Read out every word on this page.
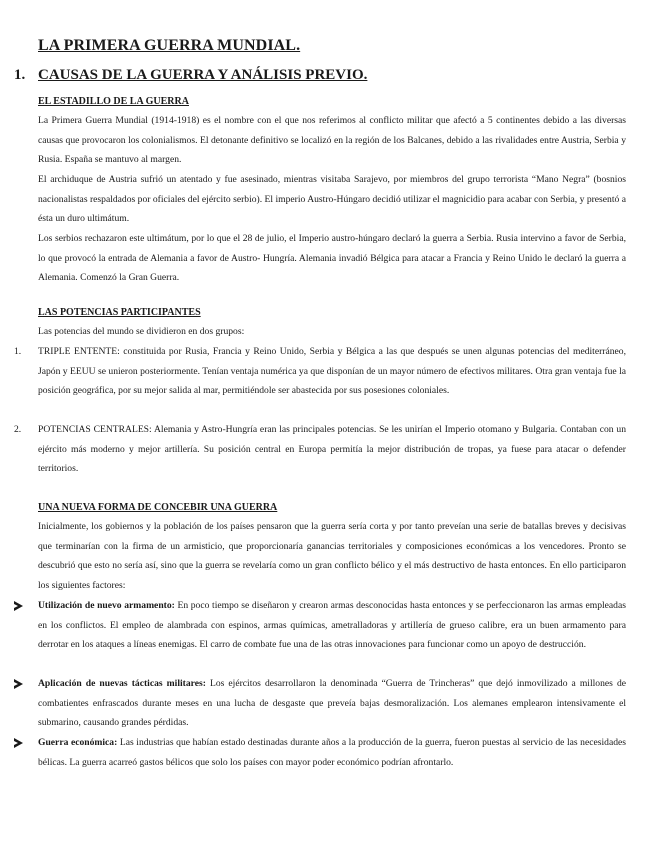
LA PRIMERA GUERRA MUNDIAL.
1. CAUSAS DE LA GUERRA Y ANÁLISIS PREVIO.
EL ESTADILLO DE LA GUERRA

La Primera Guerra Mundial (1914-1918) es el nombre con el que nos referimos al conflicto militar que afectó a 5 continentes debido a las diversas causas que provocaron los colonialismos. El detonante definitivo se localizó en la región de los Balcanes, debido a las rivalidades entre Austria, Serbia y Rusia. España se mantuvo al margen.

El archiduque de Austria sufrió un atentado y fue asesinado, mientras visitaba Sarajevo, por miembros del grupo terrorista “Mano Negra” (bosnios nacionalistas respaldados por oficiales del ejército serbio). El imperio Austro-Húngaro decidió utilizar el magnicidio para acabar con Serbia, y presentó a ésta un duro ultimátum.

Los serbios rechazaron este ultimátum, por lo que el 28 de julio, el Imperio austro-húngaro declaró la guerra a Serbia. Rusia intervino a favor de Serbia, lo que provocó la entrada de Alemania a favor de Austro- Hungría. Alemania invadió Bélgica para atacar a Francia y Reino Unido le declaró la guerra a Alemania. Comenzó la Gran Guerra.

LAS POTENCIAS PARTICIPANTES

Las potencias del mundo se dividieron en dos grupos:

1.	TRIPLE ENTENTE: constituida por Rusia, Francia y Reino Unido, Serbia y Bélgica a las que después se unen algunas potencias del mediterráneo, Japón y EEUU se unieron posteriormente. Tenían ventaja numérica ya que disponían de un mayor número de efectivos militares. Otra gran ventaja fue la posición geográfica, por su mejor salida al mar, permitiéndole ser abastecida por sus posesiones coloniales.

2.	POTENCIAS CENTRALES: Alemania y Astro-Hungría eran las principales potencias. Se les unirían el Imperio otomano y Bulgaria. Contaban con un ejército más moderno y mejor artillería. Su posición central en Europa permitía la mejor distribución de tropas, ya fuese para atacar o defender territorios.

UNA NUEVA FORMA DE CONCEBIR UNA GUERRA

Inicialmente, los gobiernos y la población de los países pensaron que la guerra sería corta y por tanto preveían una serie de batallas breves y decisivas que terminarían con la firma de un armisticio, que proporcionaría ganancias territoriales y composiciones económicas a los vencedores. Pronto se descubrió que esto no sería así, sino que la guerra se revelaría como un gran conflicto bélico y el más destructivo de hasta entonces. En ello participaron los siguientes factores:

Utilización de nuevo armamento: En poco tiempo se diseñaron y crearon armas desconocidas hasta entonces y se perfeccionaron las armas empleadas en los conflictos. El empleo de alambrada con espinos, armas químicas, ametralladoras y artillería de grueso calibre, era un buen armamento para derrotar en los ataques a líneas enemigas. El carro de combate fue una de las otras innovaciones para funcionar como un apoyo de destrucción.

Aplicación de nuevas tácticas militares: Los ejércitos desarrollaron la denominada “Guerra de Trincheras” que dejó inmovilizado a millones de combatientes enfrascados durante meses en una lucha de desgaste que preveía bajas desmoralización. Los alemanes emplearon intensivamente el submarino, causando grandes pérdidas.

Guerra económica: Las industrias que habían estado destinadas durante años a la producción de la guerra, fueron puestas al servicio de las necesidades bélicas. La guerra acarreó gastos bélicos que solo los países con mayor poder económico podrían afrontarlo.
